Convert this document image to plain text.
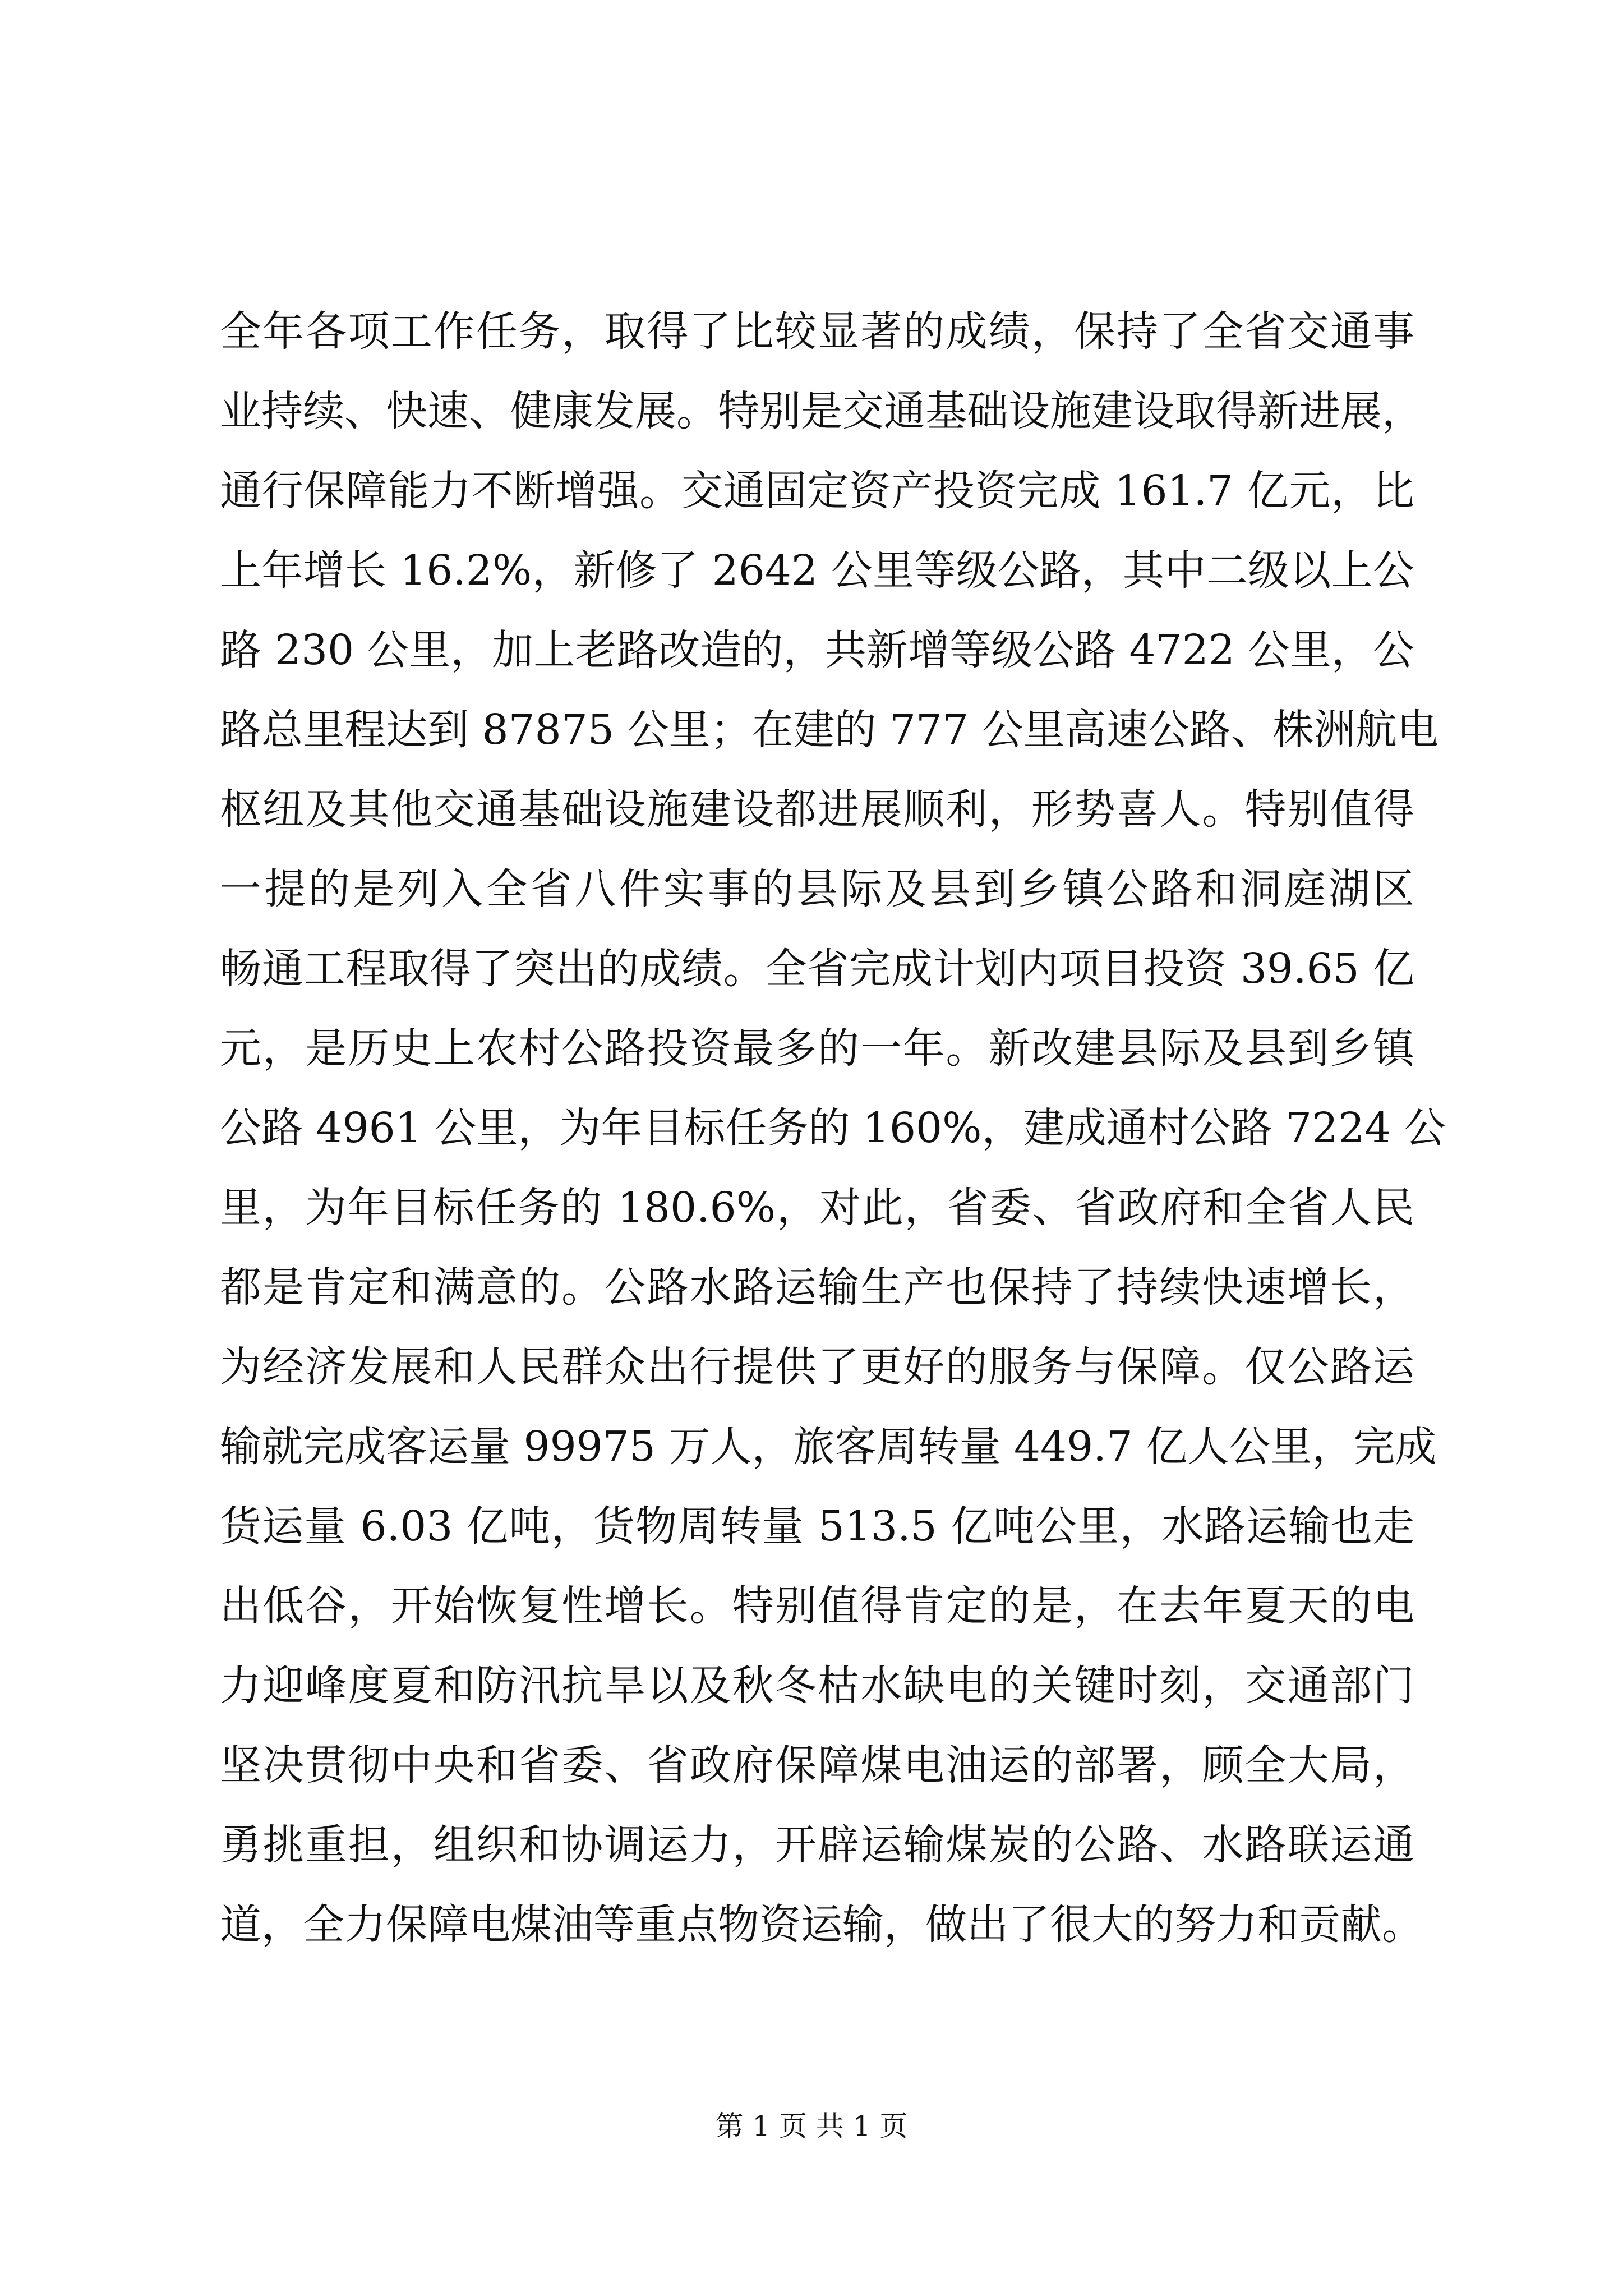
全年各项工作任务，取得了比较显著的成绩，保持了全省交通事
业持续、快速、健康发展。特别是交通基础设施建设取得新进展，
通行保障能力不断增强。交通固定资产投资完成 161.7 亿元，比
上年增长 16.2%，新修了 2642 公里等级公路，其中二级以上公
路 230 公里，加上老路改造的，共新增等级公路 4722 公里，公
路总里程达到 87875 公里；在建的 777 公里高速公路、株洲航电
枢纽及其他交通基础设施建设都进展顺利，形势喜人。特别值得
一提的是列入全省八件实事的县际及县到乡镇公路和洞庭湖区
畅通工程取得了突出的成绩。全省完成计划内项目投资 39.65 亿
元，是历史上农村公路投资最多的一年。新改建县际及县到乡镇
公路 4961 公里，为年目标任务的 160%，建成通村公路 7224 公
里，为年目标任务的 180.6%，对此，省委、省政府和全省人民
都是肯定和满意的。公路水路运输生产也保持了持续快速增长，
为经济发展和人民群众出行提供了更好的服务与保障。仅公路运
输就完成客运量 99975 万人，旅客周转量 449.7 亿人公里，完成
货运量 6.03 亿吨，货物周转量 513.5 亿吨公里，水路运输也走
出低谷，开始恢复性增长。特别值得肯定的是，在去年夏天的电
力迎峰度夏和防汛抗旱以及秋冬枯水缺电的关键时刻，交通部门
坚决贯彻中央和省委、省政府保障煤电油运的部署，顾全大局，
勇挑重担，组织和协调运力，开辟运输煤炭的公路、水路联运通
道，全力保障电煤油等重点物资运输，做出了很大的努力和贡献。
第 1 页 共 1 页
